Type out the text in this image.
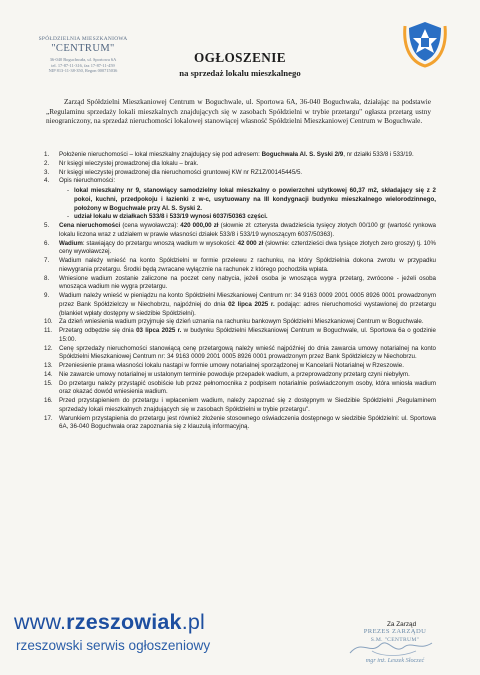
SPÓŁDZIELNIA MIESZKANIOWA
"CENTRUM"
36-040 Boguchwała, ul. Sportowa 6A
tel. 17-87-11-316, fax 17-87-11-459
NIP 813-11-38-350, Regon 000715036
OGŁOSZENIE
na sprzedaż lokalu mieszkalnego
Zarząd Spółdzielni Mieszkaniowej Centrum w Boguchwale, ul. Sportowa 6A, 36-040 Boguchwała, działając na podstawie „Regulaminu sprzedaży lokali mieszkalnych znajdujących się w zasobach Spółdzielni w trybie przetargu" ogłasza przetarg ustny nieograniczony, na sprzedaż nieruchomości lokalowej stanowiącej własność Spółdzielni Mieszkaniowej Centrum w Boguchwale.
1. Położenie nieruchomości – lokal mieszkalny znajdujący się pod adresem: Boguchwała Al. S. Syski 2/9, nr działki 533/8 i 533/19.
2. Nr księgi wieczystej prowadzonej dla lokalu – brak.
3. Nr księgi wieczystej prowadzonej dla nieruchomości gruntowej KW nr RZ1Z/00145445/5.
4. Opis nieruchomości:
- lokal mieszkalny nr 9, stanowiący samodzielny lokal mieszkalny o powierzchni użytkowej 60,37 m2, składający się z 2 pokoi, kuchni, przedpokoju i łazienki z w-c, usytuowany na III kondygnacji budynku mieszkalnego wielorodzinnego, położony w Boguchwale przy Al. S. Syski 2.
- udział lokalu w działkach 533/8 i 533/19 wynosi 6037/50363 części.
5. Cena nieruchomości (cena wywoławcza): 420 000,00 zł (słownie zł: czterysta dwadzieścia tysięcy złotych 00/100 gr (wartość rynkowa lokalu liczona wraz z udziałem w prawie własności działek 533/8 i 533/19 wynoszącym 6037/50363).
6. Wadium: stawiający do przetargu wnoszą wadium w wysokości: 42 000 zł (słownie: czterdzieści dwa tysiące złotych zero groszy) tj. 10% ceny wywoławczej.
7. Wadium należy wnieść na konto Spółdzielni w formie przelewu z rachunku, na który Spółdzielnia dokona zwrotu w przypadku niewygrania przetargu. Środki będą zwracane wyłącznie na rachunek z którego pochodziła wpłata.
8. Wniesione wadium zostanie zaliczone na poczet ceny nabycia, jeżeli osoba je wnosząca wygra przetarg, zwrócone - jeżeli osoba wnosząca wadium nie wygra przetargu.
9. Wadium należy wnieść w pieniądzu na konto Spółdzielni Mieszkaniowej Centrum nr: 34 9163 0009 2001 0005 8926 0001 prowadzonym przez Bank Spółdzielczy w Niechobrzu, najpóźniej do dnia 02 lipca 2025 r. podając: adres nieruchomości wystawionej do przetargu (blankiet wpłaty dostępny w siedzibie Spółdzielni).
10. Za dzień wniesienia wadium przyjmuje się dzień uznania na rachunku bankowym Spółdzielni Mieszkaniowej Centrum w Boguchwale.
11. Przetarg odbędzie się dnia 03 lipca 2025 r. w budynku Spółdzielni Mieszkaniowej Centrum w Boguchwale, ul. Sportowa 6a o godzinie 15:00.
12. Cenę sprzedaży nieruchomości stanowiącą cenę przetargową należy wnieść najpóźniej do dnia zawarcia umowy notarialnej na konto Spółdzielni Mieszkaniowej Centrum nr: 34 9163 0009 2001 0005 8926 0001 prowadzonym przez Bank Spółdzielczy w Niechobrzu.
13. Przeniesienie prawa własności lokalu nastąpi w formie umowy notarialnej sporządzonej w Kancelarii Notarialnej w Rzeszowie.
14. Nie zawarcie umowy notarialnej w ustalonym terminie powoduje przepadek wadium, a przeprowadzony przetarg czyni niebyłym.
15. Do przetargu należy przystąpić osobiście lub przez pełnomocnika z podpisem notarialnie poświadczonym osoby, która wniosła wadium oraz okazać dowód wniesienia wadium.
16. Przed przystąpieniem do przetargu i wpłaceniem wadium, należy zapoznać się z dostępnym w Siedzibie Spółdzielni „Regulaminem sprzedaży lokali mieszkalnych znajdujących się w zasobach Spółdzielni w trybie przetargu".
17. Warunkiem przystąpienia do przetargu jest również złożenie stosownego oświadczenia dostępnego w siedzibie Spółdzielni: ul. Sportowa 6A, 36-040 Boguchwała oraz zapoznania się z klauzulą informacyjną.
Za Zarząd
PREZES ZARZĄDU
S.M. "CENTRUM"
mgr inż. Leszek Słoczeć
www.rzeszowiak.pl
rzeszowski serwis ogłoszeniowy
